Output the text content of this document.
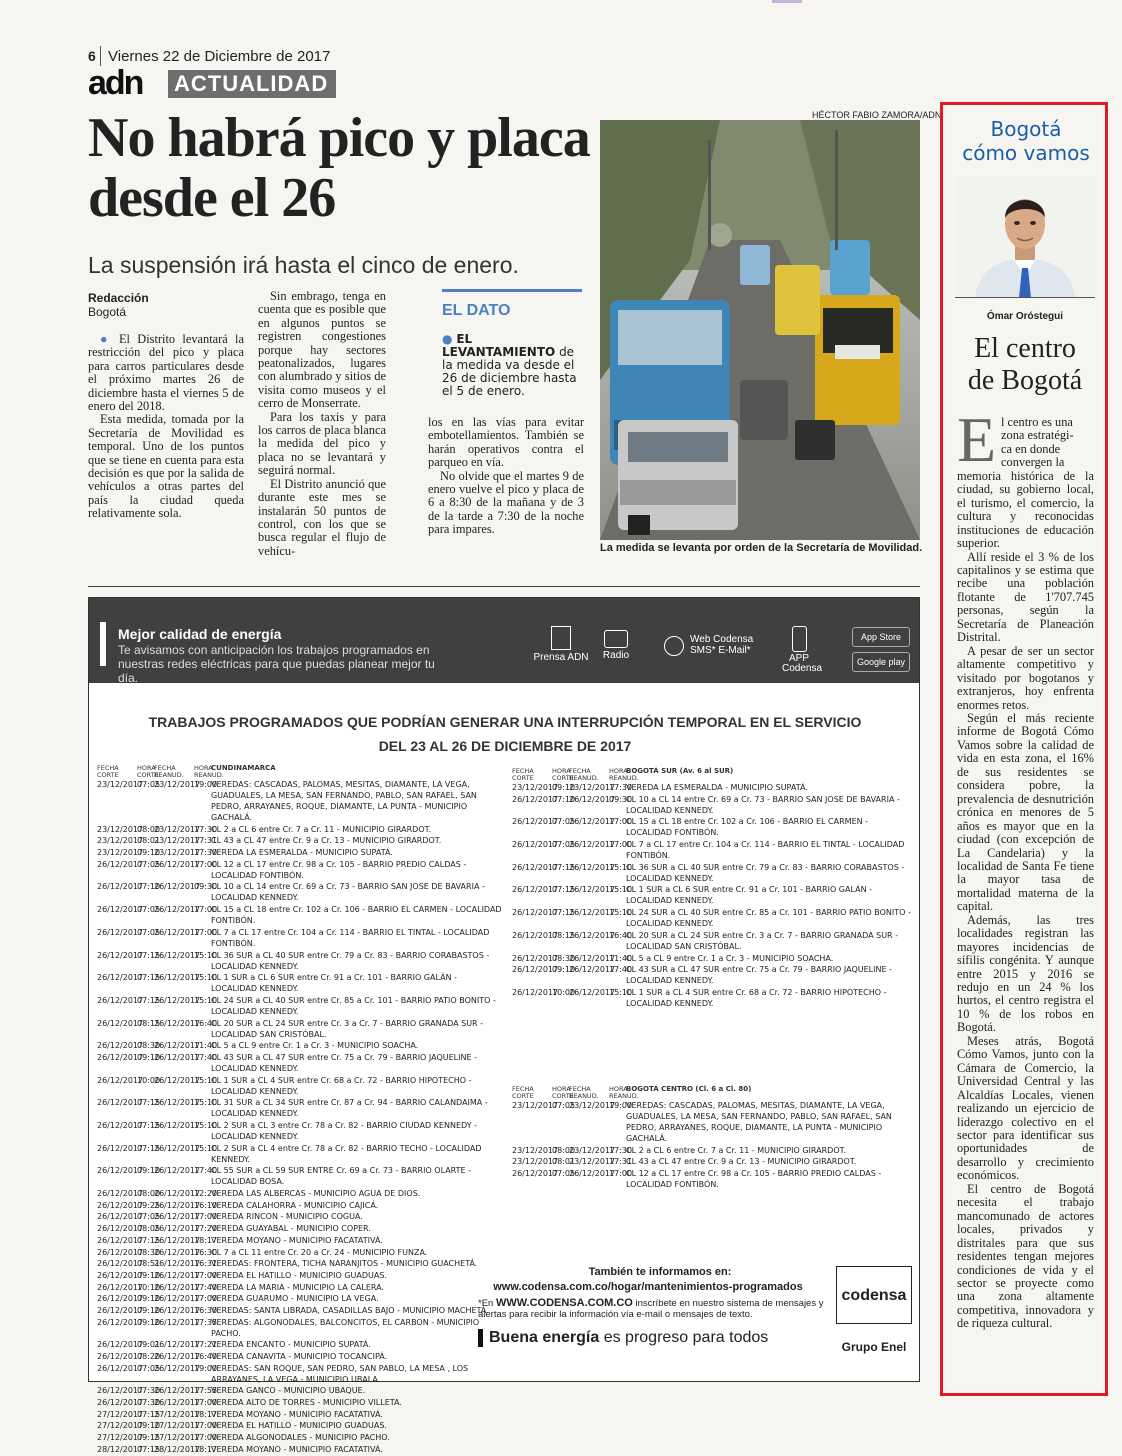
6 Viernes 22 de Diciembre de 2017
adn ACTUALIDAD
No habrá pico y placa desde el 26
La suspensión irá hasta el cinco de enero.
Redacción
Bogotá

● El Distrito levantará la restricción del pico y placa para carros particulares desde el próximo martes 26 de diciembre hasta el viernes 5 de enero del 2018.

Esta medida, tomada por la Secretaría de Movilidad es temporal. Uno de los puntos que se tiene en cuenta para esta decisión es que por la salida de vehículos a otras partes del país la ciudad queda relativamente sola.

Sin embrago, tenga en cuenta que es posible que en algunos puntos se registren congestiones porque hay sectores peatonalizados, lugares con alumbrado y sitios de visita como museos y el cerro de Monserrate.

Para los taxis y para los carros de placa blanca la medida del pico y placa no se levantará y seguirá normal.

El Distrito anunció que durante este mes se instalarán 50 puntos de control, con los que se busca regular el flujo de vehícu-

EL DATO
● EL LEVANTAMIENTO de la medida va desde el 26 de diciembre hasta el 5 de enero.

los en las vías para evitar embotellamientos. También se harán operativos contra el parqueo en vía.

No olvide que el martes 9 de enero vuelve el pico y placa de 6 a 8:30 de la mañana y de 3 de la tarde a 7:30 de la noche para impares.

HÉCTOR FABIO ZAMORA/ADN
La medida se levanta por orden de la Secretaría de Movilidad.
Mejor calidad de energía
Te avisamos con anticipación los trabajos programados en nuestras redes eléctricas para que puedas planear mejor tu día.
Prensa ADN	Radio
Web Codensa SMS* E-Mail*
APP Codensa
App Store
Google play
TRABAJOS PROGRAMADOS QUE PODRÍAN GENERAR UNA INTERRUPCIÓN TEMPORAL EN EL SERVICIO
DEL 23 AL 26 DE DICIEMBRE DE 2017
FECHA CORTE
HORA CORTE
FECHA REANUD.
HORA REANUD.
CUNDINAMARCA
23/12/2017
07:05
23/12/2017
19:00
VEREDAS: CASCADAS, PALOMAS, MESITAS, DIAMANTE, LA VEGA, GUADUALES, LA MESA, SAN FERNANDO, PABLO, SAN RAFAEL, SAN PEDRO, ARRAYANES, ROQUE, DIAMANTE, LA PUNTA - MUNICIPIO GACHALÁ.
23/12/2017
08:00
23/12/2017
17:30
CL 2 a CL 6 entre Cr. 7 a Cr. 11 - MUNICIPIO GIRARDOT.
23/12/2017
08:01
23/12/2017
17:31
CL 43 a CL 47 entre Cr. 9 a Cr. 13 - MUNICIPIO GIRARDOT.
23/12/2017
09:10
23/12/2017
17:30
VEREDA LA ESMERALDA - MUNICIPIO SUPATÁ.
26/12/2017
07:05
26/12/2017
17:00
CL 12 a CL 17 entre Cr. 98 a Cr. 105 - BARRIO PREDIO CALDAS - LOCALIDAD FONTIBÓN.
26/12/2017
07:10
26/12/2017
09:30
CL 10 a CL 14 entre Cr. 69 a Cr. 73 - BARRIO SAN JOSE DE BAVARIA - LOCALIDAD KENNEDY.
26/12/2017
07:05
26/12/2017
17:00
CL 15 a CL 18 entre Cr. 102 a Cr. 106 - BARRIO EL CARMEN - LOCALIDAD FONTIBÓN.
26/12/2017
07:05
26/12/2017
17:00
CL 7 a CL 17 entre Cr. 104 a Cr. 114 - BARRIO EL TINTAL - LOCALIDAD FONTIBÓN.
26/12/2017
07:15
26/12/2017
15:10
CL 36 SUR a CL 40 SUR entre Cr. 79 a Cr. 83 - BARRIO CORABASTOS - LOCALIDAD KENNEDY.
26/12/2017
07:15
26/12/2017
15:10
CL 1 SUR a CL 6 SUR entre Cr. 91 a Cr. 101 - BARRIO GALÁN - LOCALIDAD KENNEDY.
26/12/2017
07:15
26/12/2017
15:10
CL 24 SUR a CL 40 SUR entre Cr. 85 a Cr. 101 - BARRIO PATIO BONITO - LOCALIDAD KENNEDY.
26/12/2017
08:15
26/12/2017
16:40
CL 20 SUR a CL 24 SUR entre Cr. 3 a Cr. 7 - BARRIO GRANADA SUR - LOCALIDAD SAN CRISTÓBAL.
26/12/2017
08:30
26/12/2017
11:40
CL 5 a CL 9 entre Cr. 1 a Cr. 3 - MUNICIPIO SOACHA.
26/12/2017
09:10
26/12/2017
17:40
CL 43 SUR a CL 47 SUR entre Cr. 75 a Cr. 79 - BARRIO JAQUELINE - LOCALIDAD KENNEDY.
26/12/2017
10:00
26/12/2017
15:10
CL 1 SUR a CL 4 SUR entre Cr. 68 a Cr. 72 - BARRIO HIPOTECHO - LOCALIDAD KENNEDY.
26/12/2017
07:15
26/12/2017
15:10
CL 31 SUR a CL 34 SUR entre Cr. 87 a Cr. 94 - BARRIO CALANDAIMA - LOCALIDAD KENNEDY.
26/12/2017
07:15
26/12/2017
15:10
CL 2 SUR a CL 3 entre Cr. 78 a Cr. 82 - BARRIO CIUDAD KENNEDY - LOCALIDAD KENNEDY.
26/12/2017
07:15
26/12/2017
15:10
CL 2 SUR a CL 4 entre Cr. 78 a Cr. 82 - BARRIO TECHO - LOCALIDAD KENNEDY.
26/12/2017
09:10
26/12/2017
17:40
CL 55 SUR a CL 59 SUR ENTRE Cr. 69 a Cr. 73 - BARRIO OLARTE - LOCALIDAD BOSA.
26/12/2017
08:00
26/12/2017
12:20
VEREDA LAS ALBERCAS - MUNICIPIO AGUA DE DIOS.
26/12/2017
09:25
26/12/2017
16:10
VEREDA CALAHORRA - MUNICIPIO CAJICÁ.
26/12/2017
07:05
26/12/2017
17:00
VEREDA RINCON - MUNICIPIO COGUA.
26/12/2017
08:05
26/12/2017
17:20
VEREDA GUAYABAL - MUNICIPIO COPER.
26/12/2017
07:15
26/12/2017
18:17
VEREDA MOYANO - MUNICIPIO FACATATIVÁ.
26/12/2017
08:30
26/12/2017
16:30
CL 7 a CL 11 entre Cr. 20 a Cr. 24 - MUNICIPIO FUNZA.
26/12/2017
08:51
26/12/2017
16:31
VEREDAS: FRONTERA, TICHA NARANJITOS - MUNICIPIO GUACHETÁ.
26/12/2017
09:10
26/12/2017
17:00
VEREDA EL HATILLO - MUNICIPIO GUADUAS.
26/12/2017
10:10
26/12/2017
17:40
VEREDA LA MARIA - MUNICIPIO LA CALERA.
26/12/2017
09:10
26/12/2017
17:00
VEREDA GUARUMO - MUNICIPIO LA VEGA.
26/12/2017
09:10
26/12/2017
16:30
VEREDAS: SANTA LIBRADA, CASADILLAS BAJO - MUNICIPIO MACHETÁ.
26/12/2017
09:10
26/12/2017
17:35
VEREDAS: ALGONODALES, BALCONCITOS, EL CARBON - MUNICIPIO PACHO.
26/12/2017
09:01
26/12/2017
17:21
VEREDA ENCANTO - MUNICIPIO SUPATÁ.
26/12/2017
08:20
26/12/2017
16:40
VEREDA CANAVITA - MUNICIPIO TOCANCIPÁ.
26/12/2017
07:05
26/12/2017
19:00
VEREDAS: SAN ROQUE, SAN PEDRO, SAN PABLO, LA MESA , LOS ARRAYANES, LA VEGA - MUNICIPIO UBALA.
26/12/2017
07:30
26/12/2017
17:55
VEREDA GANCO - MUNICIPIO UBAQUE.
26/12/2017
07:30
26/12/2017
17:00
VEREDA ALTO DE TORRES - MUNICIPIO VILLETA.
27/12/2017
07:15
27/12/2017
18:17
VEREDA MOYANO - MUNICIPIO FACATATIVÁ.
27/12/2017
09:10
27/12/2017
17:00
VEREDA EL HATILLO - MUNICIPIO GUADUAS.
27/12/2017
09:15
27/12/2017
17:00
VEREDA ALGONODALES - MUNICIPIO PACHO.
28/12/2017
07:15
28/12/2017
18:17
VEREDA MOYANO - MUNICIPIO FACATATIVÁ.
FECHA CORTE
HORA CORTE
FECHA REANUD.
HORA REANUD.
BOGOTÁ SUR (Av. 6 al SUR)
23/12/2017
09:10
23/12/2017
17:30
VEREDA LA ESMERALDA - MUNICIPIO SUPATÁ.
26/12/2017
07:10
26/12/2017
09:30
CL 10 a CL 14 entre Cr. 69 a Cr. 73 - BARRIO SAN JOSE DE BAVARIA - LOCALIDAD KENNEDY.
26/12/2017
07:05
26/12/2017
17:00
CL 15 a CL 18 entre Cr. 102 a Cr. 106 - BARRIO EL CARMEN - LOCALIDAD FONTIBÓN.
26/12/2017
07:05
26/12/2017
17:00
CL 7 a CL 17 entre Cr. 104 a Cr. 114 - BARRIO EL TINTAL - LOCALIDAD FONTIBÓN.
26/12/2017
07:15
26/12/2017
15:10
CL 36 SUR a CL 40 SUR entre Cr. 79 a Cr. 83 - BARRIO CORABASTOS - LOCALIDAD KENNEDY.
26/12/2017
07:15
26/12/2017
15:10
CL 1 SUR a CL 6 SUR entre Cr. 91 a Cr. 101 - BARRIO GALÁN - LOCALIDAD KENNEDY.
26/12/2017
07:15
26/12/2017
15:10
CL 24 SUR a CL 40 SUR entre Cr. 85 a Cr. 101 - BARRIO PATIO BONITO - LOCALIDAD KENNEDY.
26/12/2017
08:15
26/12/2017
16:40
CL 20 SUR a CL 24 SUR entre Cr. 3 a Cr. 7 - BARRIO GRANADA SUR - LOCALIDAD SAN CRISTÓBAL.
26/12/2017
08:30
26/12/2017
11:40
CL 5 a CL 9 entre Cr. 1 a Cr. 3 - MUNICIPIO SOACHA.
26/12/2017
09:10
26/12/2017
17:40
CL 43 SUR a CL 47 SUR entre Cr. 75 a Cr. 79 - BARRIO JAQUELINE - LOCALIDAD KENNEDY.
26/12/2017
10:00
26/12/2017
15:10
CL 1 SUR a CL 4 SUR entre Cr. 68 a Cr. 72 - BARRIO HIPOTECHO - LOCALIDAD KENNEDY.
FECHA CORTE
HORA CORTE
FECHA REANUD.
HORA REANUD.
BOGOTÁ CENTRO (Cl. 6 a Cl. 80)
23/12/2017
07:05
23/12/2017
19:00
VEREDAS: CASCADAS, PALOMAS, MESITAS, DIAMANTE, LA VEGA, GUADUALES, LA MESA, SAN FERNANDO, PABLO, SAN RAFAEL, SAN PEDRO, ARRAYANES, ROQUE, DIAMANTE, LA PUNTA - MUNICIPIO GACHALÁ.
23/12/2017
08:00
23/12/2017
17:30
CL 2 a CL 6 entre Cr. 7 a Cr. 11 - MUNICIPIO GIRARDOT.
23/12/2017
08:01
23/12/2017
17:31
CL 43 a CL 47 entre Cr. 9 a Cr. 13 - MUNICIPIO GIRARDOT.
26/12/2017
07:05
26/12/2017
17:00
CL 12 a CL 17 entre Cr. 98 a Cr. 105 - BARRIO PREDIO CALDAS - LOCALIDAD FONTIBÓN.
También te informamos en:
www.codensa.com.co/hogar/mantenimientos-programados
*En WWW.CODENSA.COM.CO inscríbete en nuestro sistema de mensajes y alertas para recibir la información vía e-mail o mensajes de texto.
Buena energía es progreso para todos
codensa
Grupo Enel
Bogotá
cómo vamos
Ómar Oróstegui
El centro
de Bogotá
E l centro es una
zona estratégi-
ca en donde
convergen la
memoria histórica de la ciudad, su gobierno local, el turismo, el comercio, la cultura y reconocidas instituciones de educación superior.

Allí reside el 3 % de los capitalinos y se estima que recibe una población flotante de 1'707.745 personas, según la Secretaría de Planeación Distrital.

A pesar de ser un sector altamente competitivo y visitado por bogotanos y extranjeros, hoy enfrenta enormes retos.

Según el más reciente informe de Bogotá Cómo Vamos sobre la calidad de vida en esta zona, el 16% de sus residentes se considera pobre, la prevalencia de desnutrición crónica en menores de 5 años es mayor que en la ciudad (con excepción de La Candelaria) y la localidad de Santa Fe tiene la mayor tasa de mortalidad materna de la capital.

Además, las tres localidades registran las mayores incidencias de sífilis congénita. Y aunque entre 2015 y 2016 se redujo en un 24 % los hurtos, el centro registra el 10 % de los robos en Bogotá.

Meses atrás, Bogotá Cómo Vamos, junto con la Cámara de Comercio, la Universidad Central y las Alcaldías Locales, vienen realizando un ejercicio de liderazgo colectivo en el sector para identificar sus oportunidades de desarrollo y crecimiento económicos.

El centro de Bogotá necesita el trabajo mancomunado de actores locales, privados y distritales para que sus residentes tengan mejores condiciones de vida y el sector se proyecte como una zona altamente competitiva, innovadora y de riqueza cultural.
